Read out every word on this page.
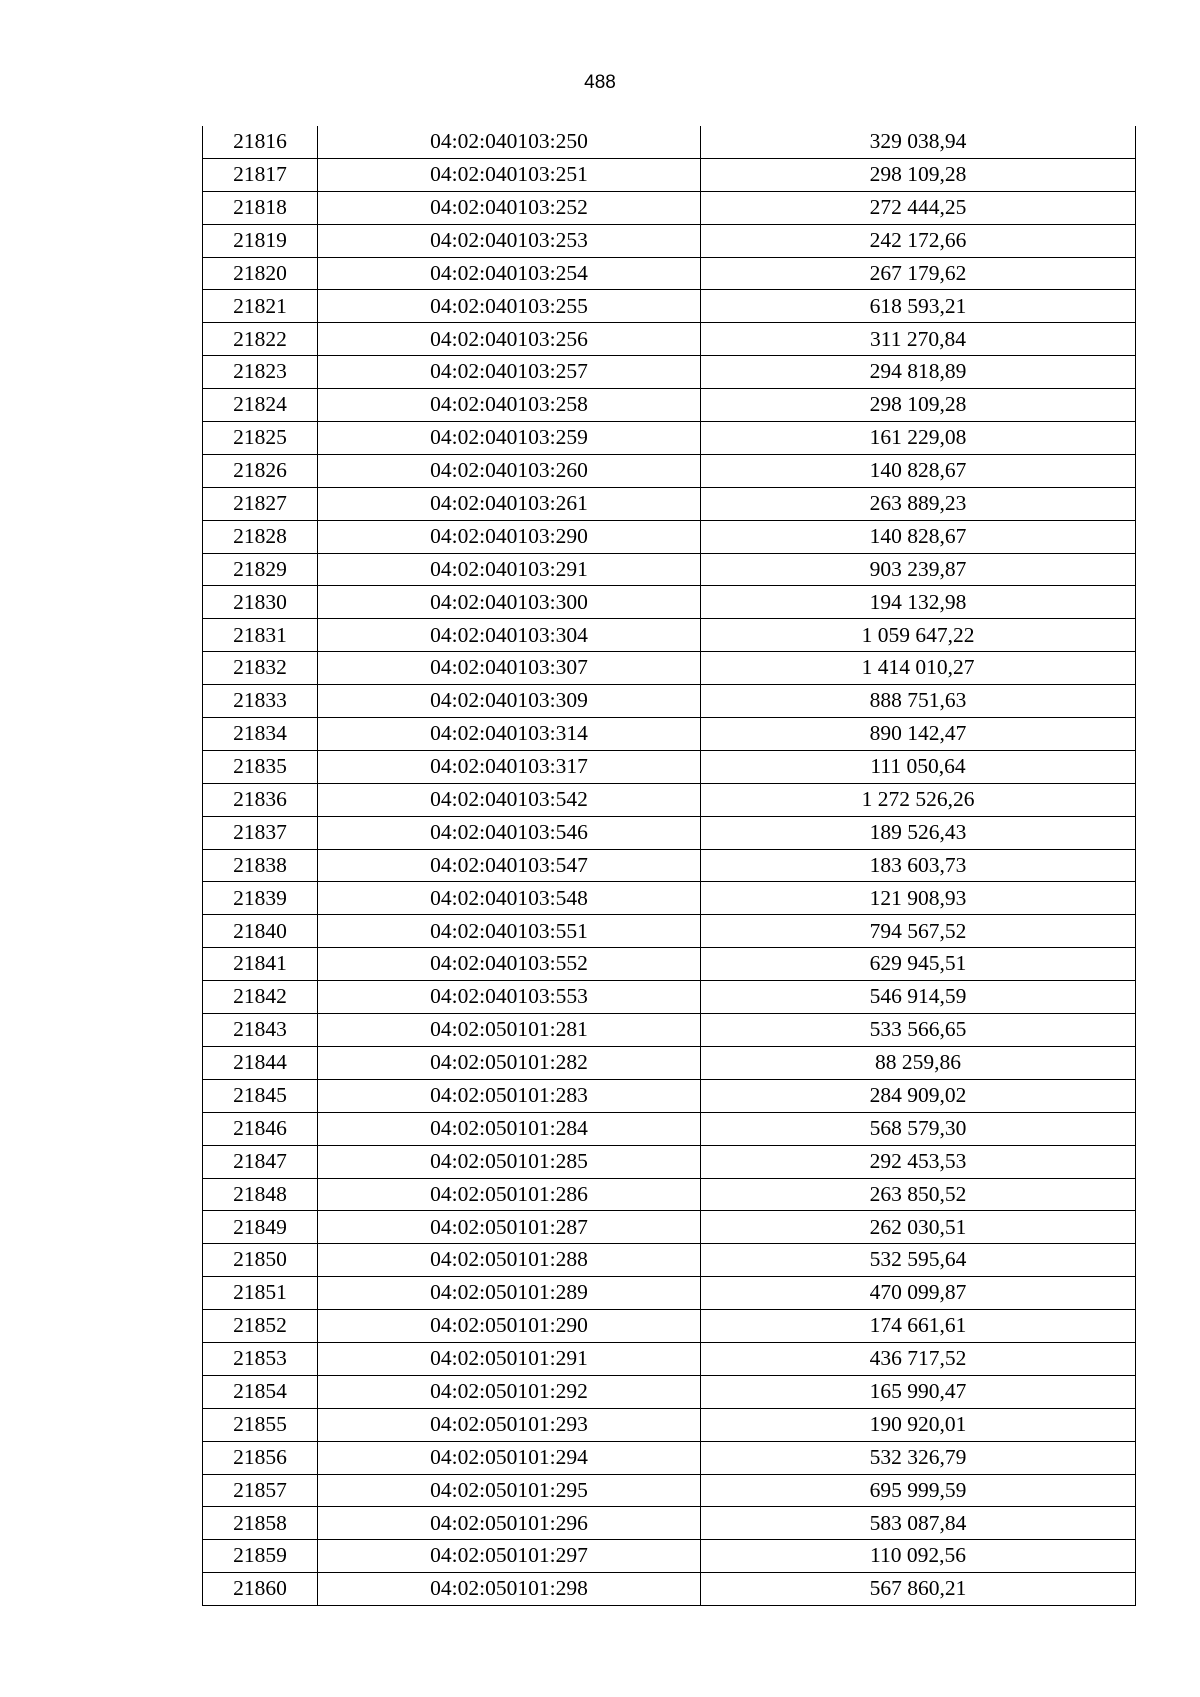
488
21816	04:02:040103:250	329 038,94
21817	04:02:040103:251	298 109,28
21818	04:02:040103:252	272 444,25
21819	04:02:040103:253	242 172,66
21820	04:02:040103:254	267 179,62
21821	04:02:040103:255	618 593,21
21822	04:02:040103:256	311 270,84
21823	04:02:040103:257	294 818,89
21824	04:02:040103:258	298 109,28
21825	04:02:040103:259	161 229,08
21826	04:02:040103:260	140 828,67
21827	04:02:040103:261	263 889,23
21828	04:02:040103:290	140 828,67
21829	04:02:040103:291	903 239,87
21830	04:02:040103:300	194 132,98
21831	04:02:040103:304	1 059 647,22
21832	04:02:040103:307	1 414 010,27
21833	04:02:040103:309	888 751,63
21834	04:02:040103:314	890 142,47
21835	04:02:040103:317	111 050,64
21836	04:02:040103:542	1 272 526,26
21837	04:02:040103:546	189 526,43
21838	04:02:040103:547	183 603,73
21839	04:02:040103:548	121 908,93
21840	04:02:040103:551	794 567,52
21841	04:02:040103:552	629 945,51
21842	04:02:040103:553	546 914,59
21843	04:02:050101:281	533 566,65
21844	04:02:050101:282	88 259,86
21845	04:02:050101:283	284 909,02
21846	04:02:050101:284	568 579,30
21847	04:02:050101:285	292 453,53
21848	04:02:050101:286	263 850,52
21849	04:02:050101:287	262 030,51
21850	04:02:050101:288	532 595,64
21851	04:02:050101:289	470 099,87
21852	04:02:050101:290	174 661,61
21853	04:02:050101:291	436 717,52
21854	04:02:050101:292	165 990,47
21855	04:02:050101:293	190 920,01
21856	04:02:050101:294	532 326,79
21857	04:02:050101:295	695 999,59
21858	04:02:050101:296	583 087,84
21859	04:02:050101:297	110 092,56
21860	04:02:050101:298	567 860,21
